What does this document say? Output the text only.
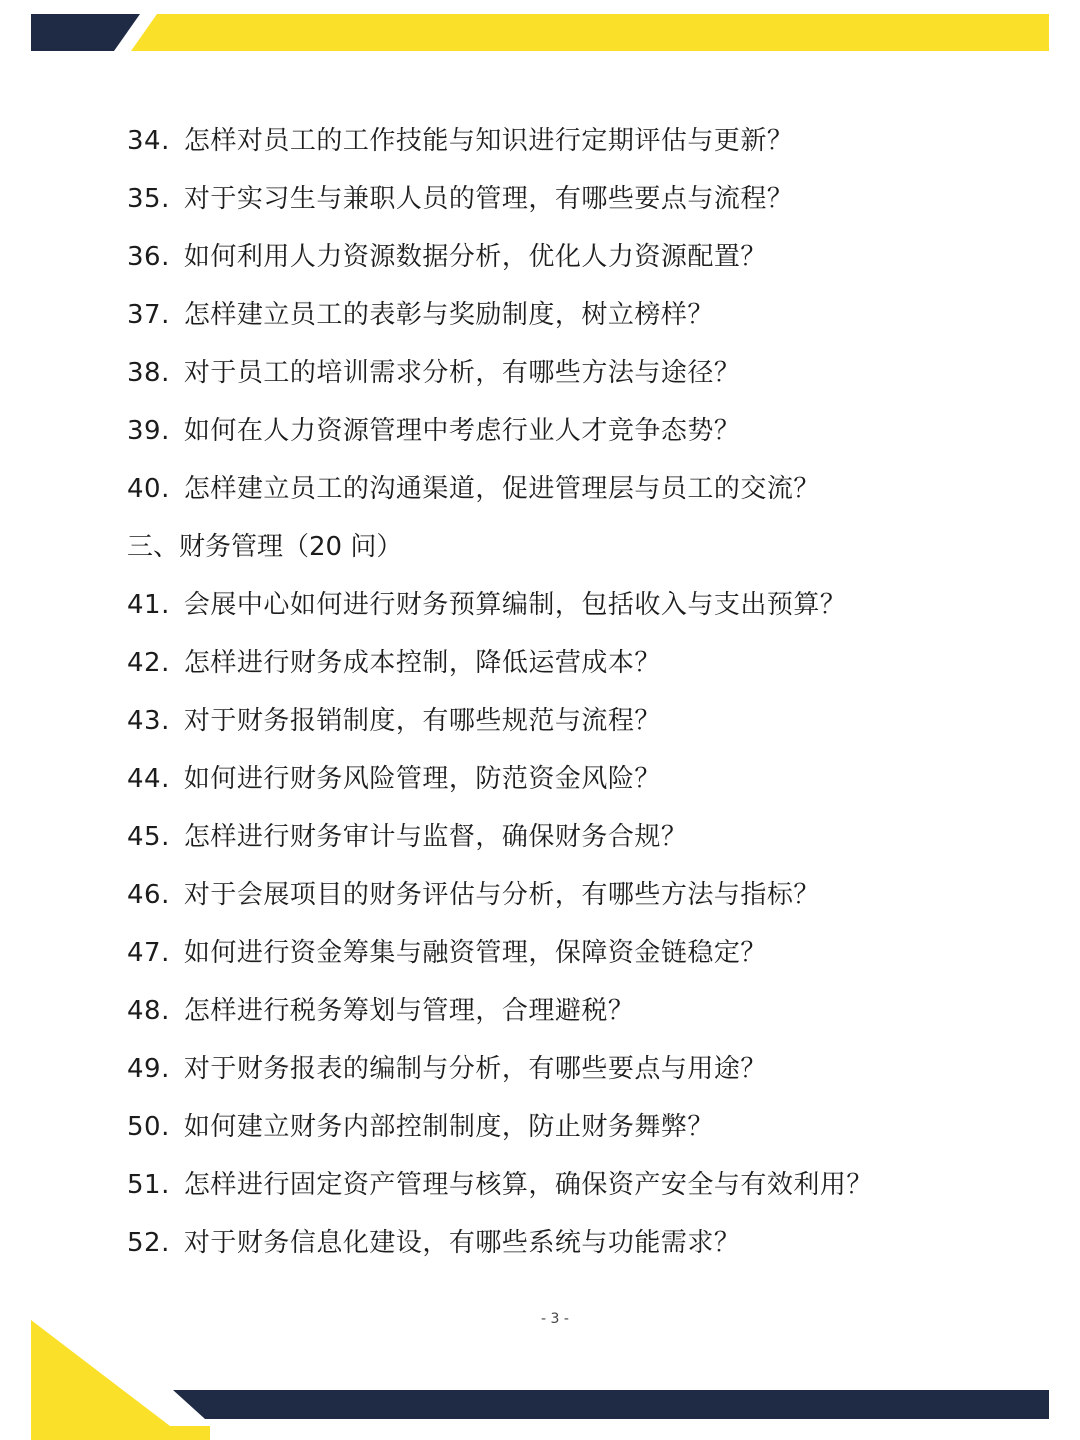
34. 怎样对员工的工作技能与知识进行定期评估与更新？
35. 对于实习生与兼职人员的管理，有哪些要点与流程？
36. 如何利用人力资源数据分析，优化人力资源配置？
37. 怎样建立员工的表彰与奖励制度，树立榜样？
38. 对于员工的培训需求分析，有哪些方法与途径？
39. 如何在人力资源管理中考虑行业人才竞争态势？
40. 怎样建立员工的沟通渠道，促进管理层与员工的交流？
三、财务管理（20 问）
41. 会展中心如何进行财务预算编制，包括收入与支出预算？
42. 怎样进行财务成本控制，降低运营成本？
43. 对于财务报销制度，有哪些规范与流程？
44. 如何进行财务风险管理，防范资金风险？
45. 怎样进行财务审计与监督，确保财务合规？
46. 对于会展项目的财务评估与分析，有哪些方法与指标？
47. 如何进行资金筹集与融资管理，保障资金链稳定？
48. 怎样进行税务筹划与管理，合理避税？
49. 对于财务报表的编制与分析，有哪些要点与用途？
50. 如何建立财务内部控制制度，防止财务舞弊？
51. 怎样进行固定资产管理与核算，确保资产安全与有效利用？
52. 对于财务信息化建设，有哪些系统与功能需求？
- 3 -
